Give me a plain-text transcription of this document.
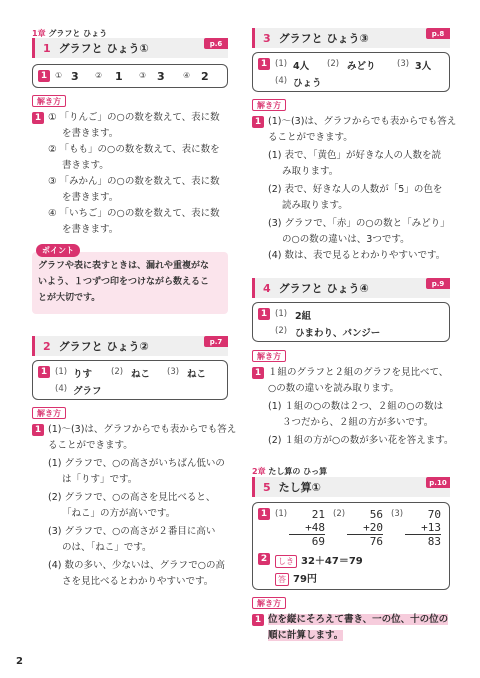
1章 グラフと ひょう
1 グラフと ひょう①	p.6
1 ① 3 ② 1 ③ 3 ④ 2
解き方
1 ① 「りんご」の○の数を数えて、表に数
を書きます。
② 「もも」の○の数を数えて、表に数を
書きます。
③ 「みかん」の○の数を数えて、表に数
を書きます。
④ 「いちご」の○の数を数えて、表に数
を書きます。
グラフや表に表すときは、漏れや重複がな
いよう、１つずつ印をつけながら数えるこ
とが大切です。
ポイント
2 グラフと ひょう②	p.7
1 (1) りす (2) ねこ (3) ねこ
(4) グラフ
解き方
1 (1)〜(3)は、グラフからでも表からでも答え
ることができます。
(1) グラフで、○の高さがいちばん低いの
は「りす」です。
(2) グラフで、○の高さを見比べると、
「ねこ」の方が高いです。
(3) グラフで、○の高さが２番目に高い
のは、「ねこ」です。
(4) 数の多い、少ないは、グラフで○の高
さを見比べるとわかりやすいです。
3 グラフと ひょう③	p.8
1 (1) 4人 (2) みどり	(3) 3人
(4) ひょう
解き方
1 (1)〜(3)は、グラフからでも表からでも答え
ることができます。
(1) 表で、「黄色」が好きな人の人数を読
み取ります。
(2) 表で、好きな人の人数が「5」の色を
読み取ります。
(3) グラフで、「赤」の○の数と「みどり」
の○の数の違いは、3つです。
(4) 数は、表で見るとわかりやすいです。
4 グラフと ひょう④	p.9
1 (1) 2組
(2) ひまわり、パンジー
解き方
1 １組のグラフと２組のグラフを見比べて、
○の数の違いを読み取ります。
(1) １組の○の数は２つ、２組の○の数は
３つだから、２組の方が多いです。
(2) １組の方が○の数が多い花を答えます。
2章 たし算の ひっ算
5 たし算①	p.10
1 (1)	21
+48
69
(2)	56
+20
76
(3)	70
+13
83
2	しき 32＋47＝79
答 79円
解き方
1 位を縦にそろえて書き、一の位、十の位の
順に計算します。
2
